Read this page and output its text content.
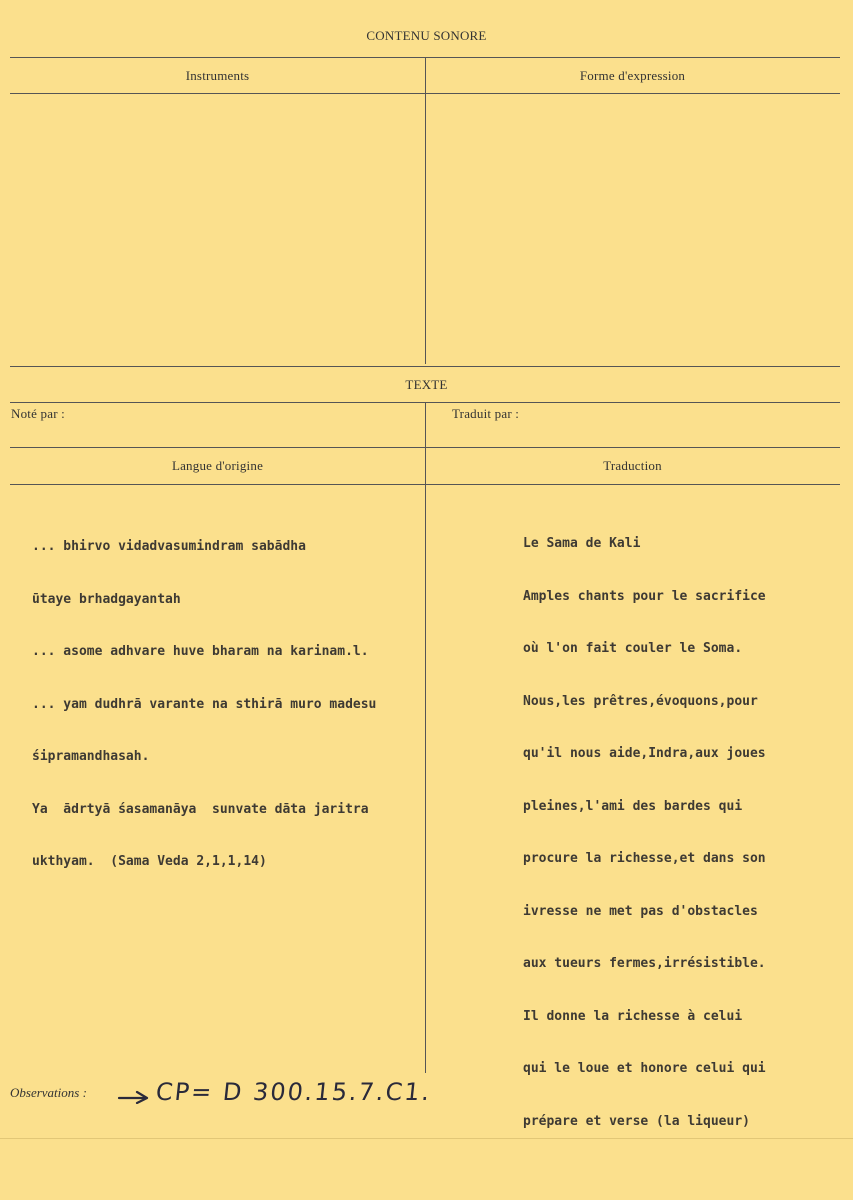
CONTENU SONORE
Instruments	Forme d'expression
TEXTE
Noté par :	Traduit par :
Langue d'origine	Traduction

... bhirvo vidadvasumindram sabādha

ūtaye brhadgayantah

... asome adhvare huve bharam na karinam.l.

... yam dudhrā varante na sthirā muro madesu

śipramandhasah.

Ya  ādrtyā śasamanāya  sunvate dāta jaritra

ukthyam.  (Sama Veda 2,1,1,14)

Le Sama de Kali

Amples chants pour le sacrifice

où l'on fait couler le Soma.

Nous,les prêtres,évoquons,pour

qu'il nous aide,Indra,aux joues

pleines,l'ami des bardes qui

procure la richesse,et dans son

ivresse ne met pas d'obstacles

aux tueurs fermes,irrésistible.

Il donne la richesse à celui

qui le loue et honore celui qui

prépare et verse (la liqueur)

Observations :	CP= D 300.15.7.C1.
